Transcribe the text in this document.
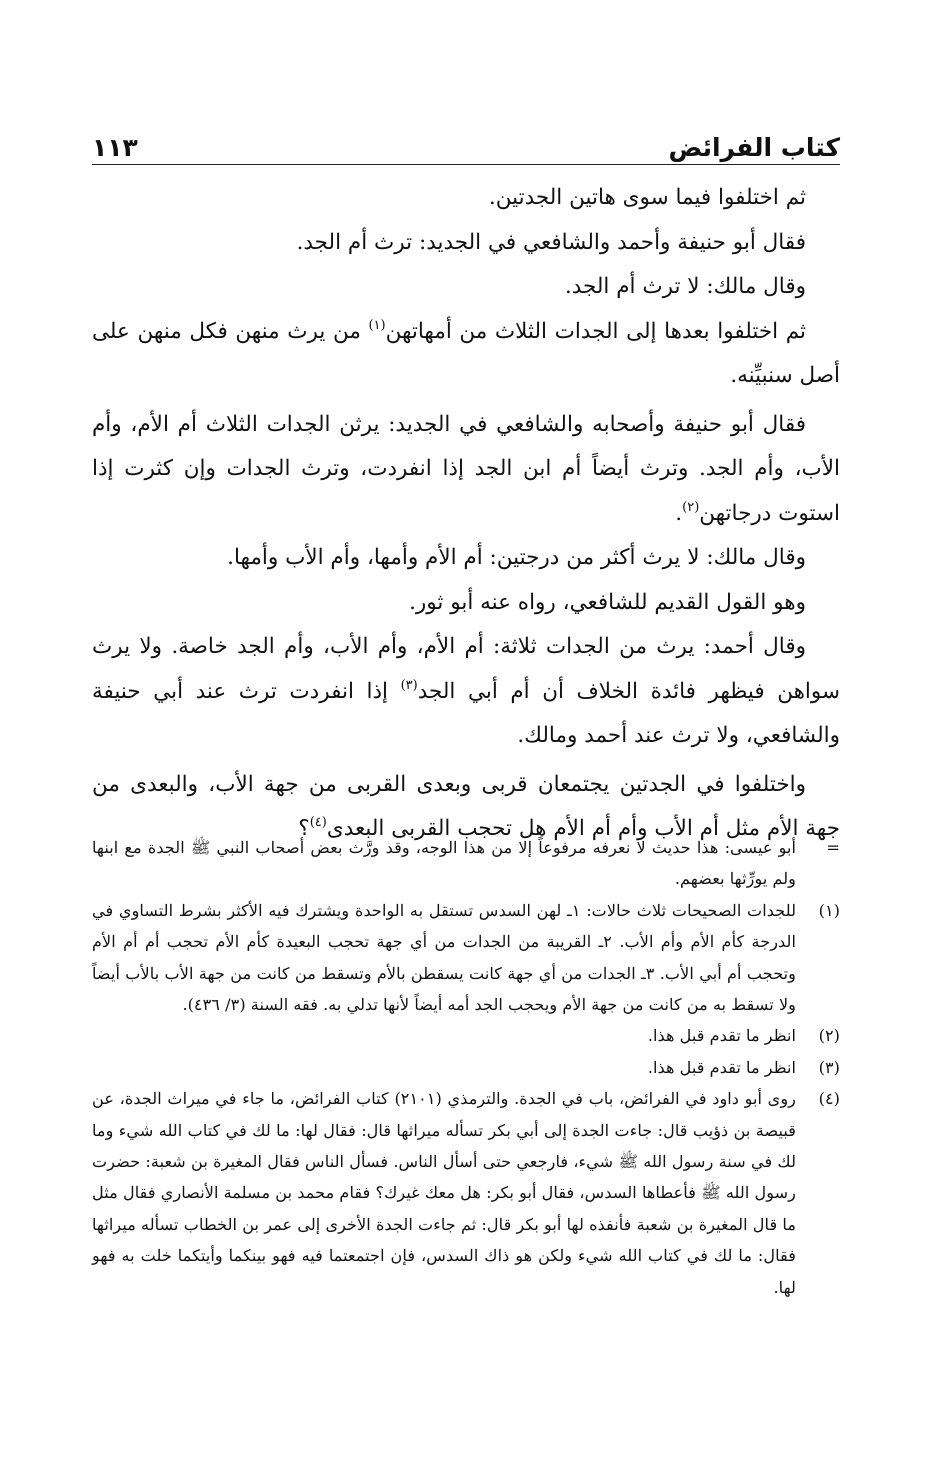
كتاب الفرائض
١١٣

ثم اختلفوا فيما سوى هاتين الجدتين.

فقال أبو حنيفة وأحمد والشافعي في الجديد: ترث أم الجد.

وقال مالك: لا ترث أم الجد.

ثم اختلفوا بعدها إلى الجدات الثلاث من أمهاتهن$^{(١)}$ من يرث منهن فكل منهن على أصل سنبيِّنه.

فقال أبو حنيفة وأصحابه والشافعي في الجديد: يرثن الجدات الثلاث أم الأم، وأم الأب، وأم الجد. وترث أيضاً أم ابن الجد إذا انفردت، وترث الجدات وإن كثرت إذا استوت درجاتهن$^{(٢)}$.

وقال مالك: لا يرث أكثر من درجتين: أم الأم وأمها، وأم الأب وأمها.

وهو القول القديم للشافعي، رواه عنه أبو ثور.

وقال أحمد: يرث من الجدات ثلاثة: أم الأم، وأم الأب، وأم الجد خاصة. ولا يرث سواهن فيظهر فائدة الخلاف أن أم أبي الجد$^{(٣)}$ إذا انفردت ترث عند أبي حنيفة والشافعي، ولا ترث عند أحمد ومالك.

واختلفوا في الجدتين يجتمعان قربى وبعدى القربى من جهة الأب، والبعدى من جهة الأم مثل أم الأب وأم أم الأم هل تحجب القربى البعدى$^{(٤)}$؟

=
أبو عيسى: هذا حديث لا نعرفه مرفوعاً إلا من هذا الوجه، وقد ورَّث بعض أصحاب النبي ﷺ الجدة مع ابنها ولم يورِّثها بعضهم.
(١)
للجدات الصحيحات ثلاث حالات: ١ـ لهن السدس تستقل به الواحدة ويشترك فيه الأكثر بشرط التساوي في الدرجة كأم الأم وأم الأب. ٢ـ القريبة من الجدات من أي جهة تحجب البعيدة كأم الأم تحجب أم أم الأم وتحجب أم أبي الأب. ٣ـ الجدات من أي جهة كانت يسقطن بالأم وتسقط من كانت من جهة الأب بالأب أيضاً ولا تسقط به من كانت من جهة الأم ويحجب الجد أمه أيضاً لأنها تدلي به. فقه السنة (٣/ ٤٣٦).
(٢)
انظر ما تقدم قبل هذا.
(٣)
انظر ما تقدم قبل هذا.
(٤)
روى أبو داود في الفرائض، باب في الجدة. والترمذي (٢١٠١) كتاب الفرائض، ما جاء في ميراث الجدة، عن قبيصة بن ذؤيب قال: جاءت الجدة إلى أبي بكر تسأله ميراثها قال: فقال لها: ما لك في كتاب الله شيء وما لك في سنة رسول الله ﷺ شيء، فارجعي حتى أسأل الناس. فسأل الناس فقال المغيرة بن شعبة: حضرت رسول الله ﷺ فأعطاها السدس، فقال أبو بكر: هل معك غيرك؟ فقام محمد بن مسلمة الأنصاري فقال مثل ما قال المغيرة بن شعبة فأنفذه لها أبو بكر قال: ثم جاءت الجدة الأخرى إلى عمر بن الخطاب تسأله ميراثها فقال: ما لك في كتاب الله شيء ولكن هو ذاك السدس، فإن اجتمعتما فيه فهو بينكما وأيتكما خلت به فهو لها.
